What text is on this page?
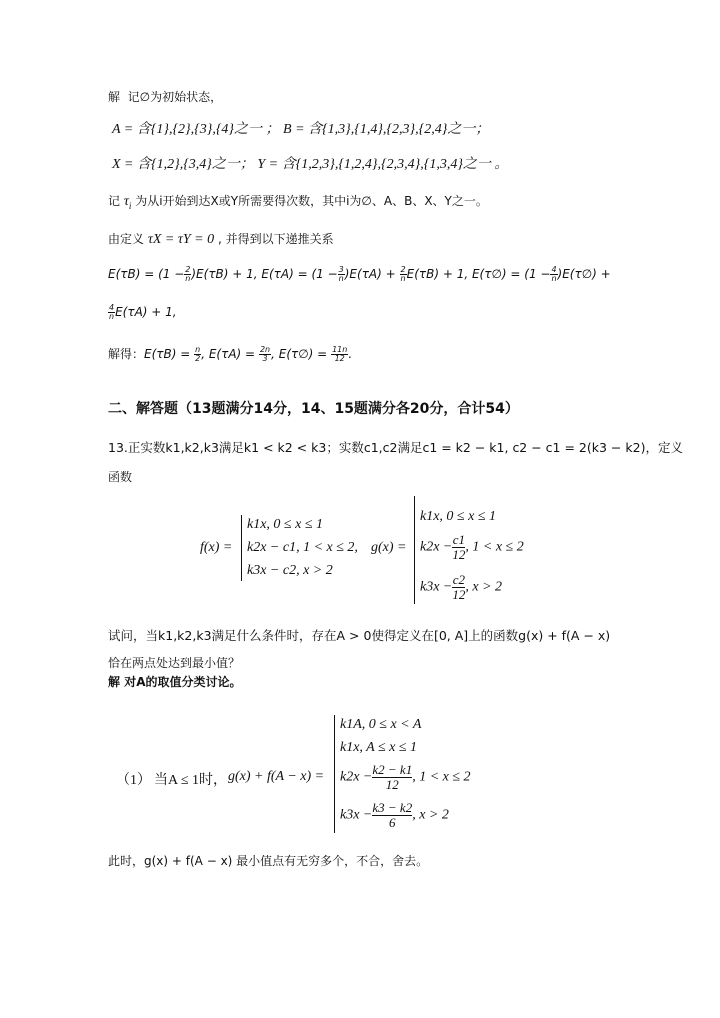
解 记∅为初始状态，
A = 含{1},{2},{3},{4}之一 ； B = 含{1,3},{1,4},{2,3},{2,4}之一；
X = 含{1,2},{3,4}之一； Y = 含{1,2,3},{1,2,4},{2,3,4},{1,3,4}之一 。
记 $\tau_i$ 为从i开始到达X或Y所需要得次数，其中i为∅、A、B、X、Y之一。
由定义 τX = τY = 0 , 并得到以下递推关系
$E(\tau B) = (1 - \frac{2}{n} )E(\tau B) + 1$, $E(\tau A) = (1 - \frac{3}{n} )E(\tau A) + \frac{2}{n} E(\tau B) + 1$, E(τ∅) = ($1 - \frac{4}{n}$ )E(τ∅) +
$\frac{4}{n} E(\tau A) + 1$,
解得：$E(\tau B) = \frac{n}{2}$ , $E(\tau A) = \frac{2n}{3}$ , E(τ∅) = $\frac{11n}{12}$ .
二、解答题（13题满分14分，14、15题满分各20分，合计54）
13.正实数k1,k2,k3满足k1 < k2 < k3；实数c1,c2满足c1 = k2 − k1, c2 − c1 = 2(k3 − k2)，定义
函数
f(x) =
k1x, 0 ≤ x ≤ 1
k2x − c1, 1 < x ≤ 2,
k3x − c2, x > 2
g(x) =
k1x, 0 ≤ x ≤ 1
$k2x - \frac{c1}{12}$ , 1 < x ≤ 2
$k3x - \frac{c2}{12}$ , x > 2
试问，当k1,k2,k3满足什么条件时，存在A > 0使得定义在[0, A]上的函数g(x) + f(A − x)
恰在两点处达到最小值？
解 对A的取值分类讨论。
（1） 当A ≤ 1时， g(x) + f(A − x) =
k1A, 0 ≤ x < A
k1x, A ≤ x ≤ 1
$k2x - \frac{k2 - k1}{12}$ , 1 < x ≤ 2
$k3x - \frac{k3 - k2}{6}$ , x > 2
此时，g(x) + f(A − x) 最小值点有无穷多个，不合，舍去。
